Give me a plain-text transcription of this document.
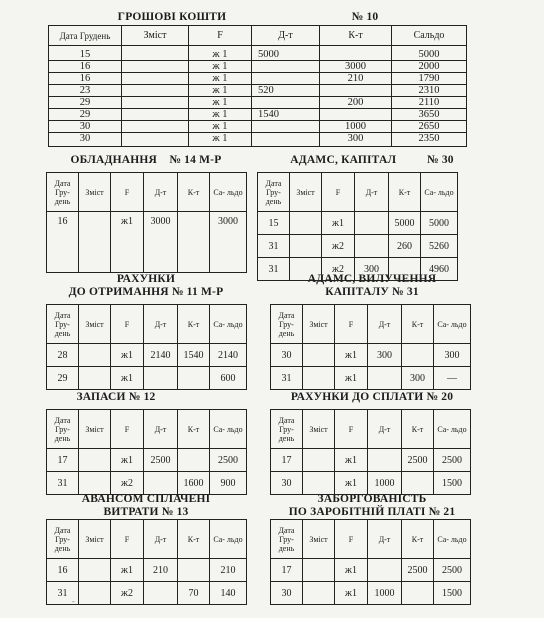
ГРОШОВІ КОШТИ	№ 10
Дата Грудень	Зміст	F	Д-т	К-т	Сальдо
15		ж 1	5000		5000
16		ж 1		3000	2000
16		ж 1		210	1790
23		ж 1	520		2310
29		ж 1		200	2110
29		ж 1	1540		3650
30		ж 1		1000	2650
30		ж 1		300	2350
ОБЛАДНАННЯ    № 14 М-Р	АДАМС, КАПІТАЛ          № 30
РАХУНКИ
ДО ОТРИМАННЯ № 11 М-Р
АДАМС, ВИЛУЧЕННЯ
КАПІТАЛУ № 31
ЗАПАСИ № 12	РАХУНКИ ДО СПЛАТИ № 20
АВАНСОМ СПЛАЧЕНІ
ВИТРАТИ № 13
ЗАБОРГОВАНІСТЬ
ПО ЗАРОБІТНІЙ ПЛАТІ № 21
-
Дата Гру- день	Зміст	F	Д-т	К-т	Са- льдо
16		ж1	3000		3000
Дата Гру- день	Зміст	F	Д-т	К-т	Са- льдо
15		ж1		5000	5000
31		ж2		260	5260
31		ж2	300		4960
Дата Гру- день	Зміст	F	Д-т	К-т	Са- льдо
28		ж1	2140	1540	2140
29		ж1			600
Дата Гру- день	Зміст	F	Д-т	К-т	Са- льдо
30		ж1	300		300
31		ж1		300	—
Дата Гру- день	Зміст	F	Д-т	К-т	Са- льдо
17		ж1	2500		2500
31		ж2		1600	900
Дата Гру- день	Зміст	F	Д-т	К-т	Са- льдо
17		ж1		2500	2500
30		ж1	1000		1500
Дата Гру- день	Зміст	F	Д-т	К-т	Са- льдо
16		ж1	210		210
31		ж2		70	140
Дата Гру- день	Зміст	F	Д-т	К-т	Са- льдо
17		ж1		2500	2500
30		ж1	1000		1500
